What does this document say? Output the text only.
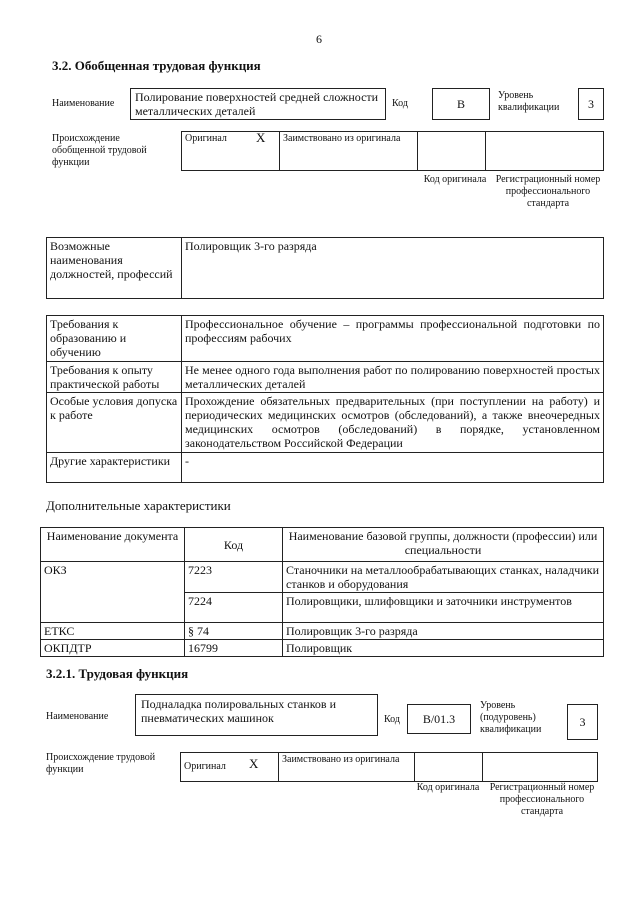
6
3.2. Обобщенная трудовая функция
Наименование	Полирование поверхностей средней сложности металлических деталей
Код	B
Уровень квалификации	3
Происхождение обобщенной трудовой функции
Оригинал X	Заимствовано из оригинала		
Код оригинала Регистрационный номер профессионального стандарта
Возможные наименования должностей, профессий	Полировщик 3-го разряда
Требования к образованию и обучению	Профессиональное обучение – программы профессиональной подготовки по профессиям рабочих
Требования к опыту практической работы	Не менее одного года выполнения работ по полированию поверхностей простых металлических деталей
Особые условия допуска к работе	Прохождение обязательных предварительных (при поступлении на работу) и периодических медицинских осмотров (обследований), а также внеочередных медицинских осмотров (обследований) в порядке, установленном законодательством Российской Федерации
Другие характеристики	-
Дополнительные характеристики
Наименование документа	Код	Наименование базовой группы, должности (профессии) или специальности
ОКЗ	7223	Станочники на металлообрабатывающих станках, наладчики станков и оборудования
	7224	Полировщики, шлифовщики и заточники инструментов
ЕТКС	§ 74	Полировщик 3-го разряда
ОКПДТР	16799	Полировщик
3.2.1. Трудовая функция
Наименование
Подналадка полировальных станков и пневматических машинок	Код	B/01.3
Уровень (подуровень) квалификации
3
Происхождение трудовой функции	Оригинал X	Заимствовано из оригинала		
Код оригинала Регистрационный номер профессионального стандарта
